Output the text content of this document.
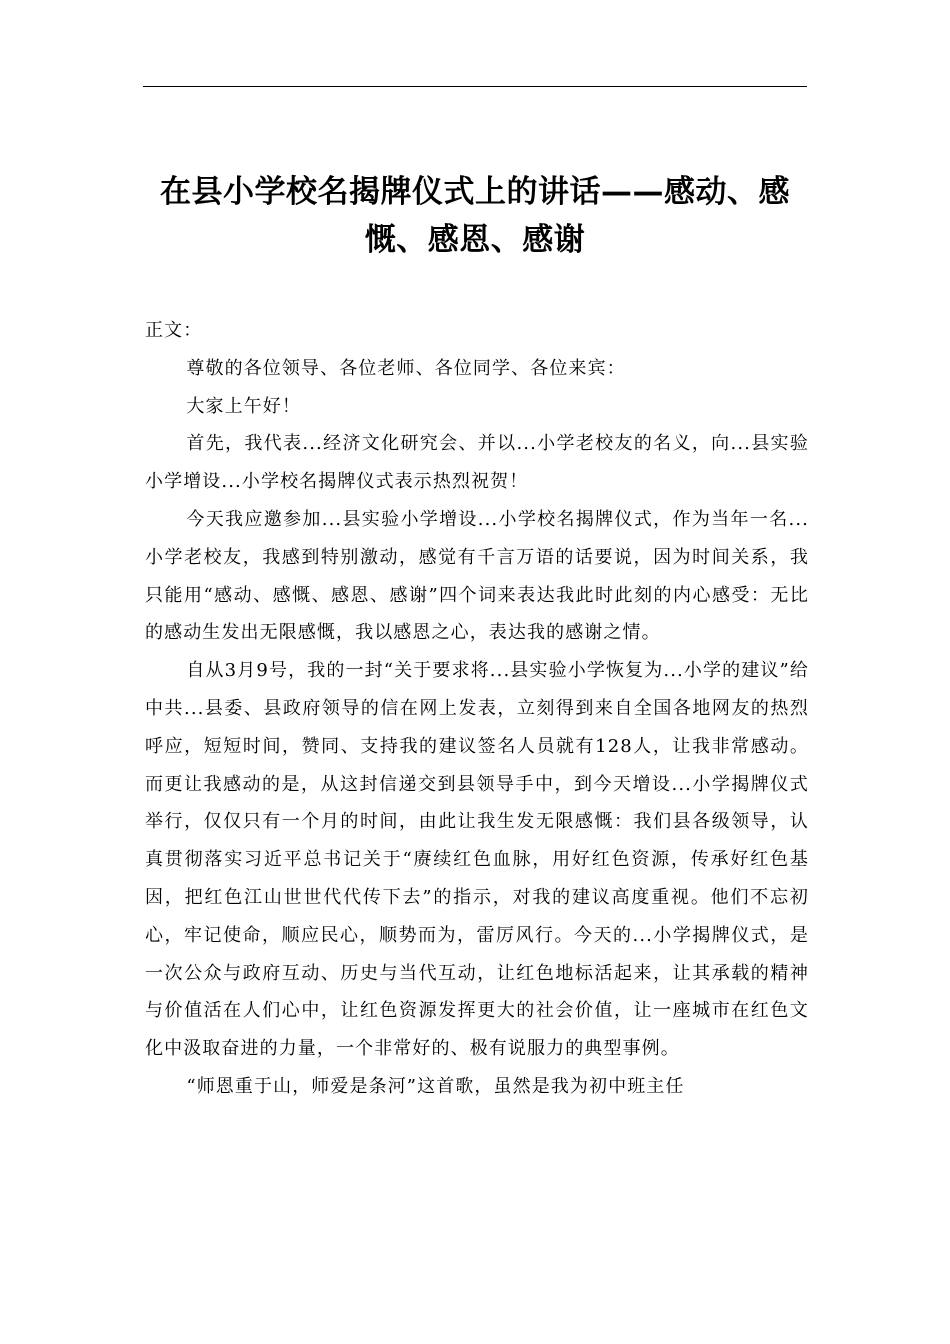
在县小学校名揭牌仪式上的讲话——感动、感慨、感恩、感谢

正文：

尊敬的各位领导、各位老师、各位同学、各位来宾：

大家上午好！

首先，我代表...经济文化研究会、并以...小学老校友的名义，向...县实验小学增设...小学校名揭牌仪式表示热烈祝贺！

今天我应邀参加...县实验小学增设...小学校名揭牌仪式，作为当年一名...小学老校友，我感到特别激动，感觉有千言万语的话要说，因为时间关系，我只能用“感动、感慨、感恩、感谢”四个词来表达我此时此刻的内心感受：无比的感动生发出无限感慨，我以感恩之心，表达我的感谢之情。

自从3月9号，我的一封“关于要求将...县实验小学恢复为...小学的建议”给中共...县委、县政府领导的信在网上发表，立刻得到来自全国各地网友的热烈呼应，短短时间，赞同、支持我的建议签名人员就有128人，让我非常感动。而更让我感动的是，从这封信递交到县领导手中，到今天增设...小学揭牌仪式举行，仅仅只有一个月的时间，由此让我生发无限感慨：我们县各级领导，认真贯彻落实习近平总书记关于“赓续红色血脉，用好红色资源，传承好红色基因，把红色江山世世代代传下去”的指示，对我的建议高度重视。他们不忘初心，牢记使命，顺应民心，顺势而为，雷厉风行。今天的...小学揭牌仪式，是一次公众与政府互动、历史与当代互动，让红色地标活起来，让其承载的精神与价值活在人们心中，让红色资源发挥更大的社会价值，让一座城市在红色文化中汲取奋进的力量，一个非常好的、极有说服力的典型事例。

“师恩重于山，师爱是条河”这首歌，虽然是我为初中班主任
